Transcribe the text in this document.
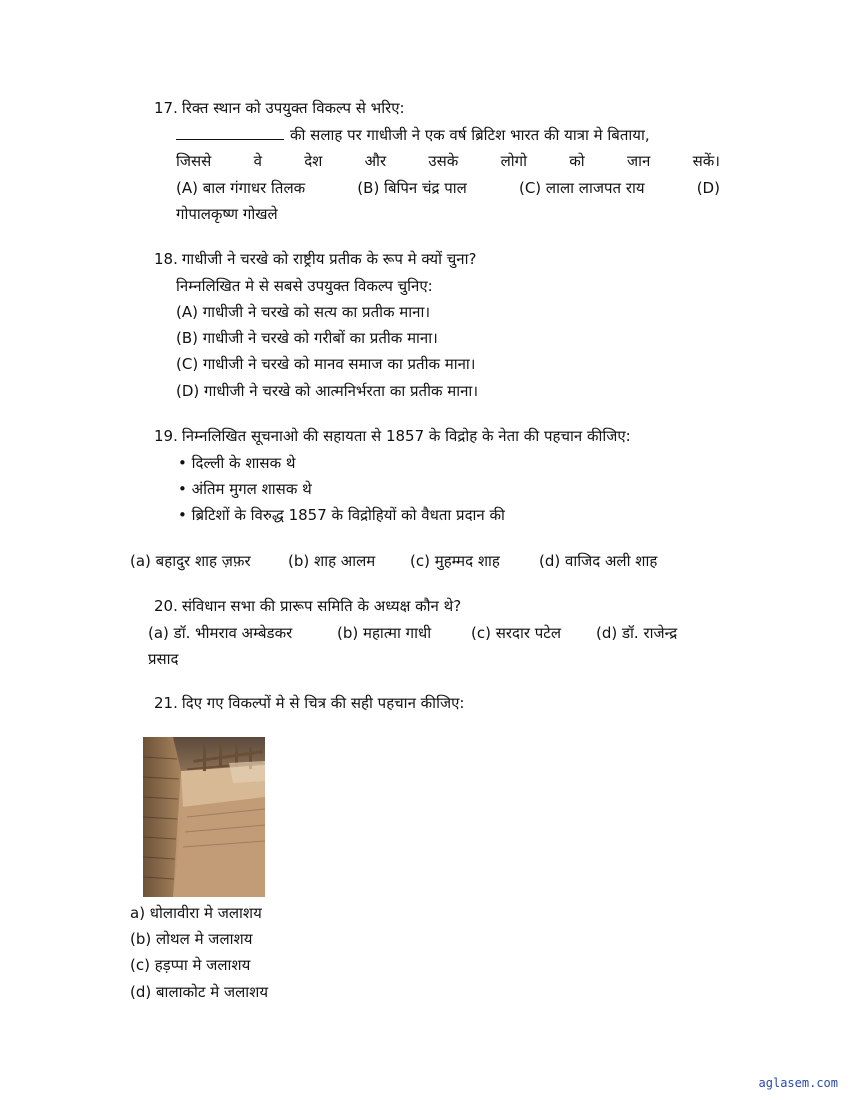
17. रिक्त स्थान को उपयुक्त विकल्प से भरिए:
की सलाह पर गाधीजी ने एक वर्ष ब्रिटिश भारत की यात्रा मे बिताया,
जिससे	वे	देश	और	उसके	लोगो	को	जान	सकें।
(A) बाल गंगाधर तिलक	(B) बिपिन चंद्र पाल	(C) लाला लाजपत राय	(D)
गोपालकृष्ण गोखले
18. गाधीजी ने चरखे को राष्ट्रीय प्रतीक के रूप मे क्यों चुना?
निम्नलिखित मे से सबसे उपयुक्त विकल्प चुनिए:
(A) गाधीजी ने चरखे को सत्य का प्रतीक माना।
(B) गाधीजी ने चरखे को गरीबों का प्रतीक माना।
(C) गाधीजी ने चरखे को मानव समाज का प्रतीक माना।
(D) गाधीजी ने चरखे को आत्मनिर्भरता का प्रतीक माना।
19. निम्नलिखित सूचनाओ की सहायता से 1857 के विद्रोह के नेता की पहचान कीजिए:
• दिल्ली के शासक थे
• अंतिम मुगल शासक थे
• ब्रिटिशों के विरुद्ध 1857 के विद्रोहियों को वैधता प्रदान की
(a) बहादुर शाह ज़फ़र	(b) शाह आलम	(c) मुहम्मद शाह	(d) वाजिद अली शाह
20. संविधान सभा की प्रारूप समिति के अध्यक्ष कौन थे?
(a) डॉ. भीमराव अम्बेडकर	(b) महात्मा गाधी	(c) सरदार पटेल	(d) डॉ. राजेन्द्र
प्रसाद
21. दिए गए विकल्पों मे से चित्र की सही पहचान कीजिए:
a) धोलावीरा मे जलाशय
(b) लोथल मे जलाशय
(c) हड़प्पा मे जलाशय
(d) बालाकोट मे जलाशय
aglasem.com
